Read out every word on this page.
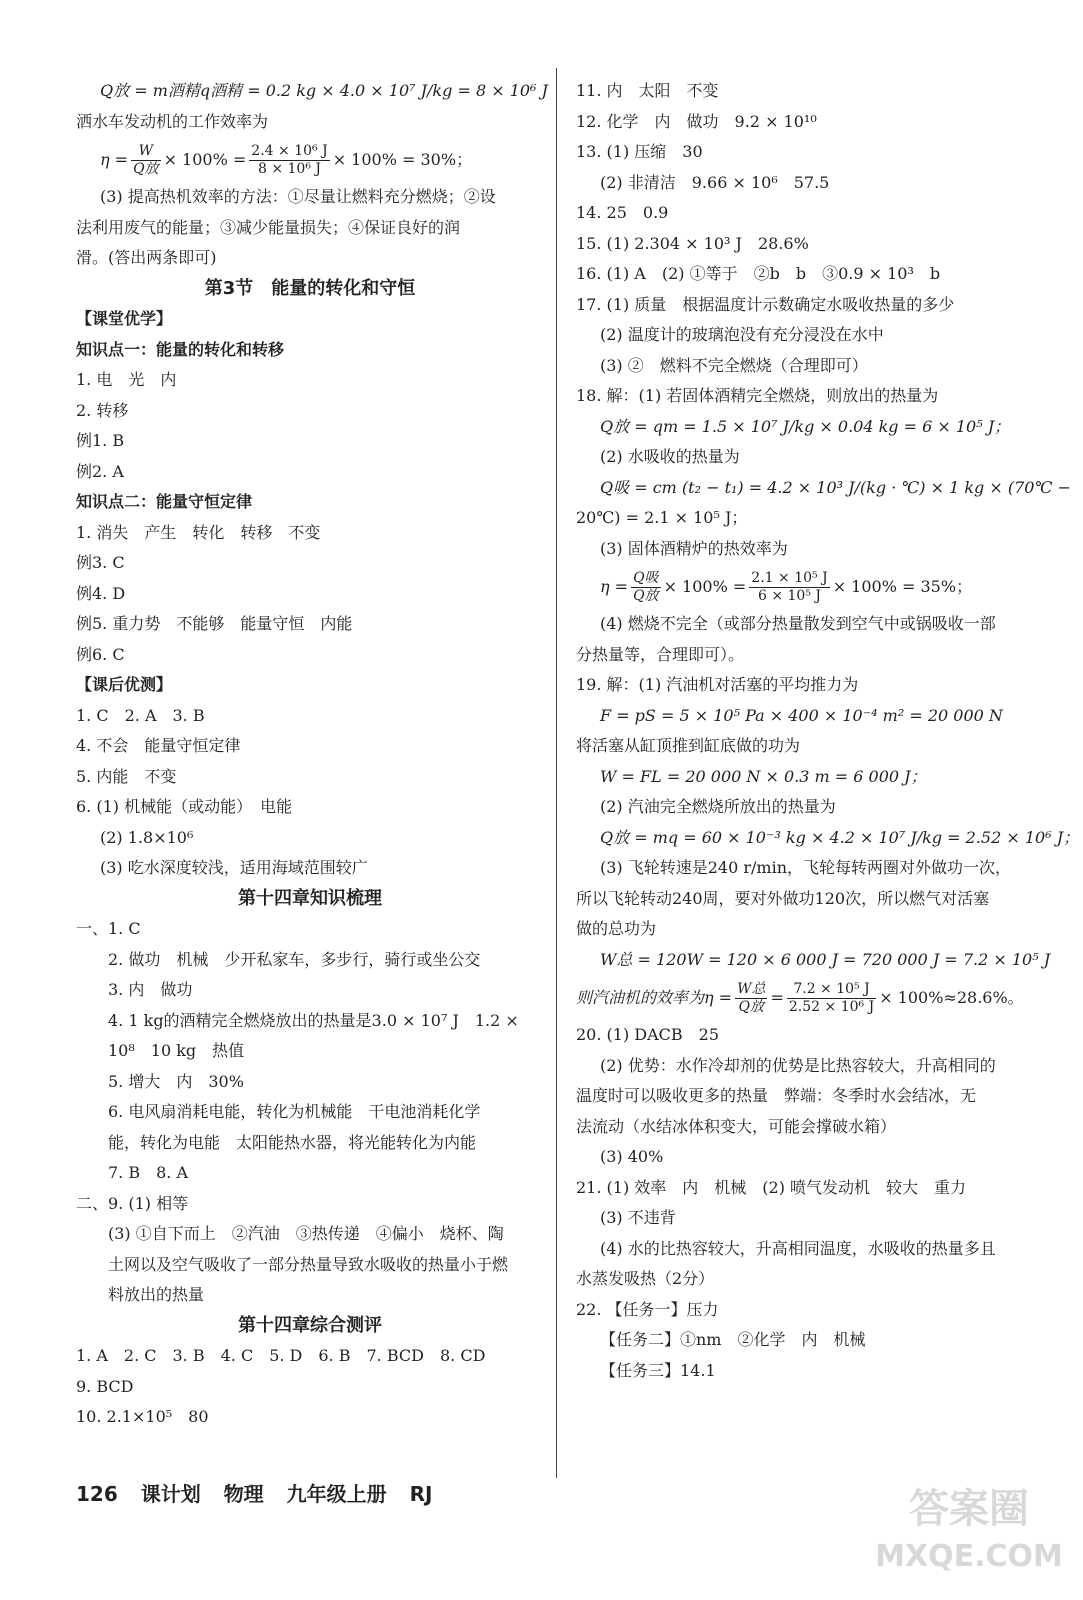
Q放 = m酒精q酒精 = 0.2 kg × 4.0 × 10⁷ J/kg = 8 × 10⁶ J
洒水车发动机的工作效率为
$\eta = \frac{W}{\text{Q放}} \times 100\% = \frac{\text{2.4 × 10⁶ J}}{\text{8 × 10⁶ J}} \times 100\% = 30\%$；
(3) 提高热机效率的方法：①尽量让燃料充分燃烧；②设
法利用废气的能量；③减少能量损失；④保证良好的润
滑。(答出两条即可)
第3节　能量的转化和守恒
【课堂优学】
知识点一：能量的转化和转移
1. 电　光　内
2. 转移
例1. B
例2. A
知识点二：能量守恒定律
1. 消失　产生　转化　转移　不变
例3. C
例4. D
例5. 重力势　不能够　能量守恒　内能
例6. C
【课后优测】
1. C　2. A　3. B
4. 不会　能量守恒定律
5. 内能　不变
6. (1) 机械能（或动能）　电能
(2) 1.8×10⁶
(3) 吃水深度较浅，适用海域范围较广
第十四章知识梳理
一、1. C
2. 做功　机械　少开私家车，多步行，骑行或坐公交
3. 内　做功
4. 1 kg的酒精完全燃烧放出的热量是3.0 × 10⁷ J　1.2 ×
10⁸　10 kg　热值
5. 增大　内　30%
6. 电风扇消耗电能，转化为机械能　干电池消耗化学
能，转化为电能　太阳能热水器，将光能转化为内能
7. B　8. A
二、9. (1) 相等
(3) ①自下而上　②汽油　③热传递　④偏小　烧杯、陶
土网以及空气吸收了一部分热量导致水吸收的热量小于燃
料放出的热量
第十四章综合测评
1. A　2. C　3. B　4. C　5. D　6. B　7. BCD　8. CD
9. BCD
10. 2.1×10⁵　80
11. 内　太阳　不变
12. 化学　内　做功　9.2 × 10¹⁰
13. (1) 压缩　30
(2) 非清洁　9.66 × 10⁶　57.5
14. 25　0.9
15. (1) 2.304 × 10³ J　28.6%
16. (1) A　(2) ①等于　②b　b　③0.9 × 10³　b
17. (1) 质量　根据温度计示数确定水吸收热量的多少
(2) 温度计的玻璃泡没有充分浸没在水中
(3) ②　燃料不完全燃烧（合理即可）
18. 解：(1) 若固体酒精完全燃烧，则放出的热量为
Q放 = qm = 1.5 × 10⁷ J/kg × 0.04 kg = 6 × 10⁵ J；
(2) 水吸收的热量为
Q吸 = cm (t₂ − t₁) = 4.2 × 10³ J/(kg · ℃) × 1 kg × (70℃ −
20℃) = 2.1 × 10⁵ J；
(3) 固体酒精炉的热效率为
$\eta = \frac{\text{Q吸}}{\text{Q放}} \times 100\% = \frac{\text{2.1 × 10⁵ J}}{\text{6 × 10⁵ J}} \times 100\% = 35\%$；
(4) 燃烧不完全（或部分热量散发到空气中或锅吸收一部
分热量等，合理即可）。
19. 解：(1) 汽油机对活塞的平均推力为
F = pS = 5 × 10⁵ Pa × 400 × 10⁻⁴ m² = 20 000 N
将活塞从缸顶推到缸底做的功为
W = FL = 20 000 N × 0.3 m = 6 000 J；
(2) 汽油完全燃烧所放出的热量为
Q放 = mq = 60 × 10⁻³ kg × 4.2 × 10⁷ J/kg = 2.52 × 10⁶ J；
(3) 飞轮转速是240 r/min，飞轮每转两圈对外做功一次，
所以飞轮转动240周，要对外做功120次，所以燃气对活塞
做的总功为
W总 = 120W = 120 × 6 000 J = 720 000 J = 7.2 × 10⁵ J
则汽油机的效率为$\eta = \frac{\text{W总}}{\text{Q放}} = \frac{\text{7.2 × 10⁵ J}}{\text{2.52 × 10⁶ J}} \times 100\%\approx 28.6\%$。
20. (1) DACB　25
(2) 优势：水作冷却剂的优势是比热容较大，升高相同的
温度时可以吸收更多的热量　弊端：冬季时水会结冰，无
法流动（水结冰体积变大，可能会撑破水箱）
(3) 40%
21. (1) 效率　内　机械　(2) 喷气发动机　较大　重力
(3) 不违背
(4) 水的比热容较大，升高相同温度，水吸收的热量多且
水蒸发吸热（2分）
22. 【任务一】压力
【任务二】①nm　②化学　内　机械
【任务三】14.1
126 课计划 物理 九年级上册 RJ	答案圈
MXQE.COM
